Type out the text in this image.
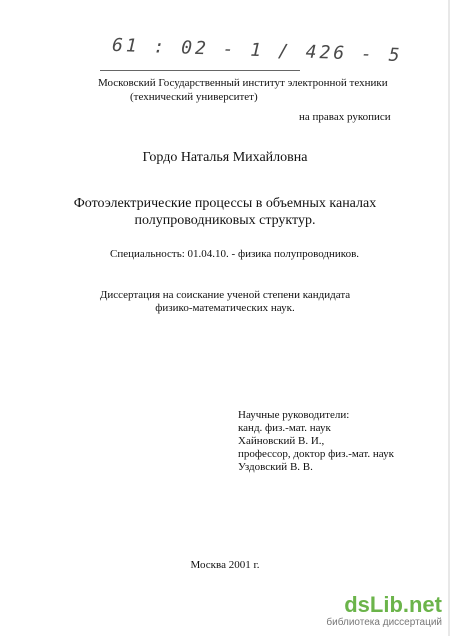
61 : 02 - 1 / 426 - 5
Московский Государственный институт электронной техники
(технический университет)
на правах рукописи
Гордо Наталья Михайловна
Фотоэлектрические процессы в объемных каналах
полупроводниковых структур.
Специальность: 01.04.10. - физика полупроводников.
Диссертация на соискание ученой степени кандидата
физико-математических наук.
Научные руководители:
канд. физ.-мат. наук
Хайновский В. И.,
профессор, доктор физ.-мат. наук
Уздовский В. В.
Москва 2001 г.
dsLib.net
библиотека диссертаций
